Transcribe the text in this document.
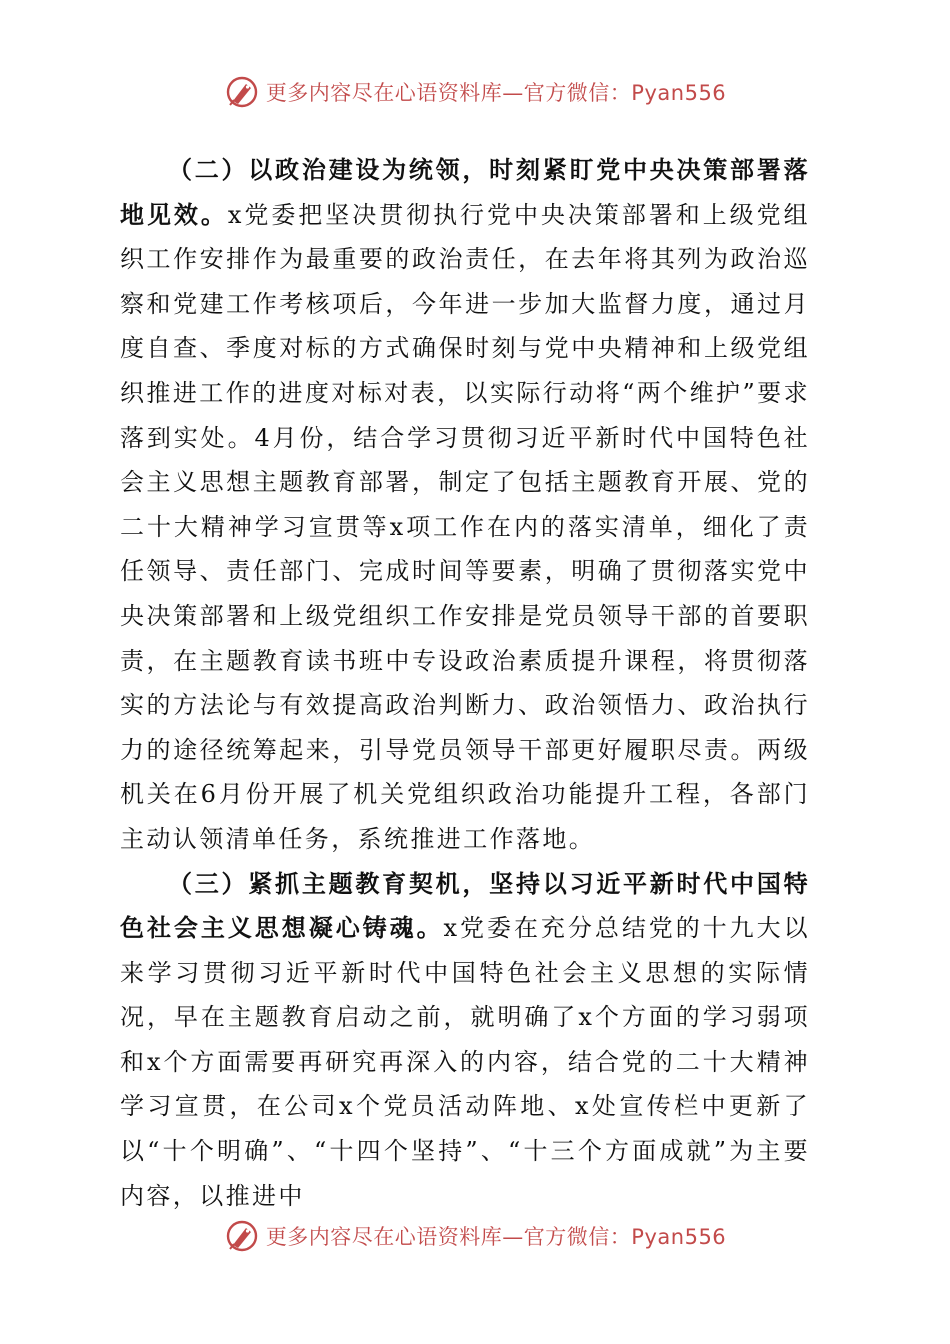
更多内容尽在心语资料库—官方微信：Pyan556

（二）以政治建设为统领，时刻紧盯党中央决策部署落地见效。x党委把坚决贯彻执行党中央决策部署和上级党组织工作安排作为最重要的政治责任，在去年将其列为政治巡察和党建工作考核项后，今年进一步加大监督力度，通过月度自查、季度对标的方式确保时刻与党中央精神和上级党组织推进工作的进度对标对表，以实际行动将“两个维护”要求落到实处。4月份，结合学习贯彻习近平新时代中国特色社会主义思想主题教育部署，制定了包括主题教育开展、党的二十大精神学习宣贯等x项工作在内的落实清单，细化了责任领导、责任部门、完成时间等要素，明确了贯彻落实党中央决策部署和上级党组织工作安排是党员领导干部的首要职责，在主题教育读书班中专设政治素质提升课程，将贯彻落实的方法论与有效提高政治判断力、政治领悟力、政治执行力的途径统筹起来，引导党员领导干部更好履职尽责。两级机关在6月份开展了机关党组织政治功能提升工程，各部门主动认领清单任务，系统推进工作落地。

（三）紧抓主题教育契机，坚持以习近平新时代中国特色社会主义思想凝心铸魂。x党委在充分总结党的十九大以来学习贯彻习近平新时代中国特色社会主义思想的实际情况，早在主题教育启动之前，就明确了x个方面的学习弱项和x个方面需要再研究再深入的内容，结合党的二十大精神学习宣贯，在公司x个党员活动阵地、x处宣传栏中更新了以“十个明确”、“十四个坚持”、“十三个方面成就”为主要内容，以推进中

更多内容尽在心语资料库—官方微信：Pyan556
